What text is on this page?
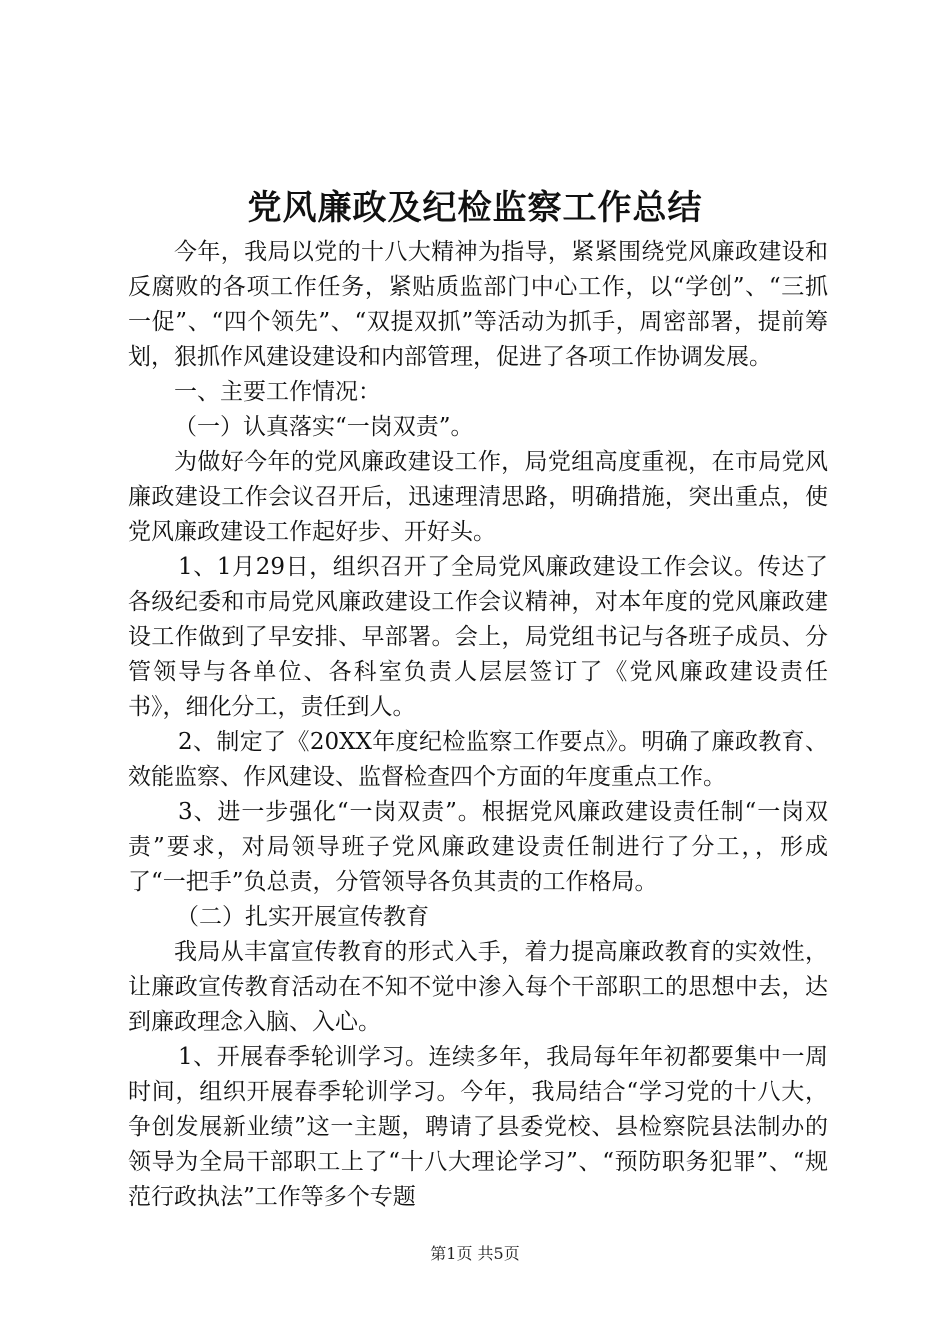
党风廉政及纪检监察工作总结

今年，我局以党的十八大精神为指导，紧紧围绕党风廉政建设和反腐败的各项工作任务，紧贴质监部门中心工作，以“学创”、“三抓一促”、“四个领先”、“双提双抓”等活动为抓手，周密部署，提前筹划，狠抓作风建设建设和内部管理，促进了各项工作协调发展。

一、主要工作情况：

（一）认真落实“一岗双责”。

为做好今年的党风廉政建设工作，局党组高度重视，在市局党风廉政建设工作会议召开后，迅速理清思路，明确措施，突出重点，使党风廉政建设工作起好步、开好头。

1、1月29日，组织召开了全局党风廉政建设工作会议。传达了各级纪委和市局党风廉政建设工作会议精神，对本年度的党风廉政建设工作做到了早安排、早部署。会上，局党组书记与各班子成员、分管领导与各单位、各科室负责人层层签订了《党风廉政建设责任书》，细化分工，责任到人。

2、制定了《20XX年度纪检监察工作要点》。明确了廉政教育、效能监察、作风建设、监督检查四个方面的年度重点工作。

3、进一步强化“一岗双责”。根据党风廉政建设责任制“一岗双责”要求，对局领导班子党风廉政建设责任制进行了分工，，形成了“一把手”负总责，分管领导各负其责的工作格局。

（二）扎实开展宣传教育

我局从丰富宣传教育的形式入手，着力提高廉政教育的实效性，让廉政宣传教育活动在不知不觉中渗入每个干部职工的思想中去，达到廉政理念入脑、入心。

1、开展春季轮训学习。连续多年，我局每年年初都要集中一周时间，组织开展春季轮训学习。今年，我局结合“学习党的十八大，争创发展新业绩”这一主题，聘请了县委党校、县检察院县法制办的领导为全局干部职工上了“十八大理论学习”、“预防职务犯罪”、“规范行政执法”工作等多个专题

第1页 共5页
